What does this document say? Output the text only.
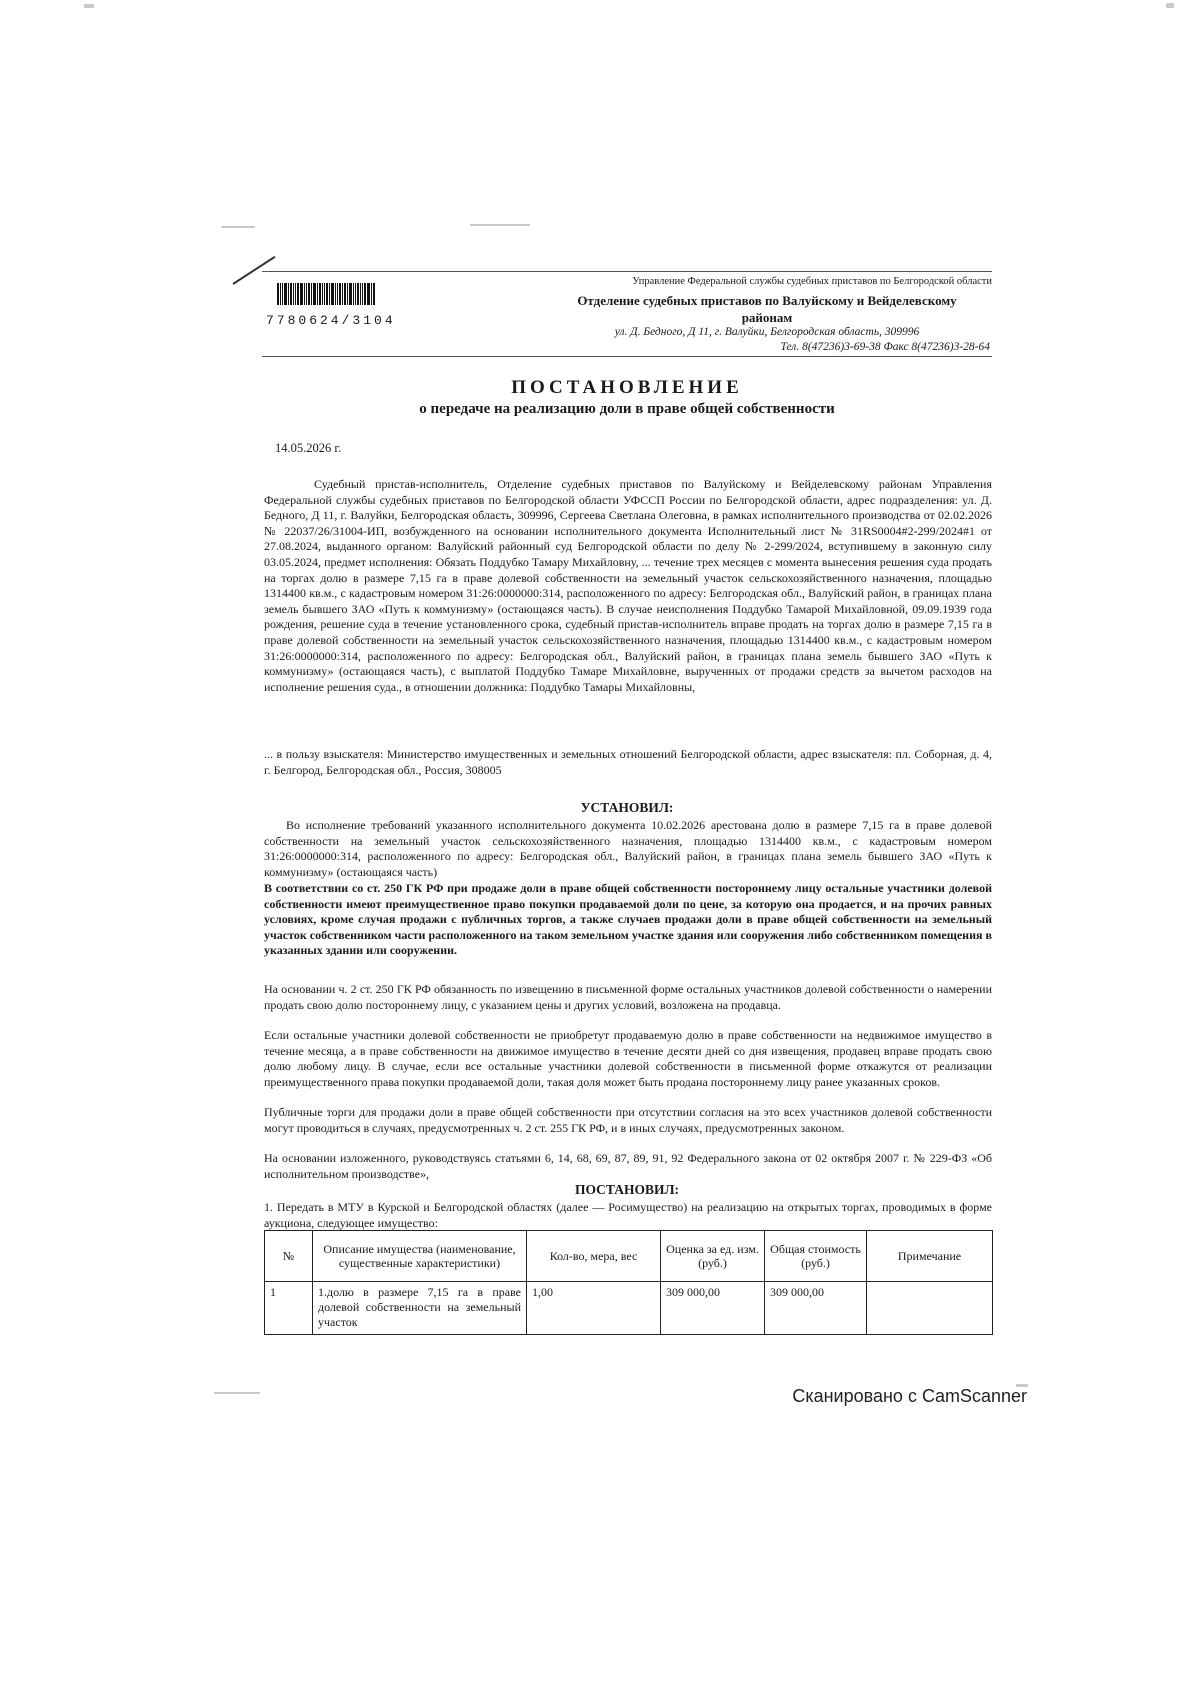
7780624/3104
Управление Федеральной службы судебных приставов по Белгородской области
Отделение судебных приставов по Валуйскому и Вейделевскому
районам
ул. Д. Бедного, Д 11, г. Валуйки, Белгородская область, 309996
Тел. 8(47236)3-69-38 Факс 8(47236)3-28-64
ПОСТАНОВЛЕНИЕ
о передаче на реализацию доли в праве общей собственности
14.05.2026 г.

Судебный пристав-исполнитель, Отделение судебных приставов по Валуйскому и Вейделевскому районам Управления Федеральной службы судебных приставов по Белгородской области УФССП России по Белгородской области, адрес подразделения: ул. Д. Бедного, Д 11, г. Валуйки, Белгородская область, 309996, Сергеева Светлана Олеговна, в рамках исполнительного производства от 02.02.2026 № 22037/26/31004-ИП, возбужденного на основании исполнительного документа Исполнительный лист № 31RS0004#2-299/2024#1 от 27.08.2024, выданного органом: Валуйский районный суд Белгородской области по делу № 2-299/2024, вступившему в законную силу 03.05.2024, предмет исполнения: Обязать Поддубко Тамару Михайловну, ... течение трех месяцев с момента вынесения решения суда продать на торгах долю в размере 7,15 га в праве долевой собственности на земельный участок сельскохозяйственного назначения, площадью 1314400 кв.м., с кадастровым номером 31:26:0000000:314, расположенного по адресу: Белгородская обл., Валуйский район, в границах плана земель бывшего ЗАО «Путь к коммунизму» (остающаяся часть). В случае неисполнения Поддубко Тамарой Михайловной, 09.09.1939 года рождения, решение суда в течение установленного срока, судебный пристав-исполнитель вправе продать на торгах долю в размере 7,15 га в праве долевой собственности на земельный участок сельскохозяйственного назначения, площадью 1314400 кв.м., с кадастровым номером 31:26:0000000:314, расположенного по адресу: Белгородская обл., Валуйский район, в границах плана земель бывшего ЗАО «Путь к коммунизму» (остающаяся часть), с выплатой Поддубко Тамаре Михайловне, вырученных от продажи средств за вычетом расходов на исполнение решения суда., в отношении должника: Поддубко Тамары Михайловны,

... в пользу взыскателя: Министерство имущественных и земельных отношений Белгородской области, адрес взыскателя: пл. Соборная, д. 4, г. Белгород, Белгородская обл., Россия, 308005

УСТАНОВИЛ:

Во исполнение требований указанного исполнительного документа 10.02.2026 арестована долю в размере 7,15 га в праве долевой собственности на земельный участок сельскохозяйственного назначения, площадью 1314400 кв.м., с кадастровым номером 31:26:0000000:314, расположенного по адресу: Белгородская обл., Валуйский район, в границах плана земель бывшего ЗАО «Путь к коммунизму» (остающаяся часть)

В соответствии со ст. 250 ГК РФ при продаже доли в праве общей собственности постороннему лицу остальные участники долевой собственности имеют преимущественное право покупки продаваемой доли по цене, за которую она продается, и на прочих равных условиях, кроме случая продажи с публичных торгов, а также случаев продажи доли в праве общей собственности на земельный участок собственником части расположенного на таком земельном участке здания или сооружения либо собственником помещения в указанных здании или сооружении.

На основании ч. 2 ст. 250 ГК РФ обязанность по извещению в письменной форме остальных участников долевой собственности о намерении продать свою долю постороннему лицу, с указанием цены и других условий, возложена на продавца.

Если остальные участники долевой собственности не приобретут продаваемую долю в праве собственности на недвижимое имущество в течение месяца, а в праве собственности на движимое имущество в течение десяти дней со дня извещения, продавец вправе продать свою долю любому лицу. В случае, если все остальные участники долевой собственности в письменной форме откажутся от реализации преимущественного права покупки продаваемой доли, такая доля может быть продана постороннему лицу ранее указанных сроков.

Публичные торги для продажи доли в праве общей собственности при отсутствии согласия на это всех участников долевой собственности могут проводиться в случаях, предусмотренных ч. 2 ст. 255 ГК РФ, и в иных случаях, предусмотренных законом.

На основании изложенного, руководствуясь статьями 6, 14, 68, 69, 87, 89, 91, 92 Федерального закона от 02 октября 2007 г. № 229-ФЗ «Об исполнительном производстве»,

ПОСТАНОВИЛ:

1. Передать в МТУ в Курской и Белгородской областях (далее — Росимущество) на реализацию на открытых торгах, проводимых в форме аукциона, следующее имущество:

№	Описание имущества (наименование, существенные характеристики)	Кол-во, мера, вес	Оценка за ед. изм. (руб.)	Общая стоимость (руб.)	Примечание
1	1.долю в размере 7,15 га в праве долевой собственности на земельный участок	1,00	309 000,00	309 000,00	
Сканировано с CamScanner
